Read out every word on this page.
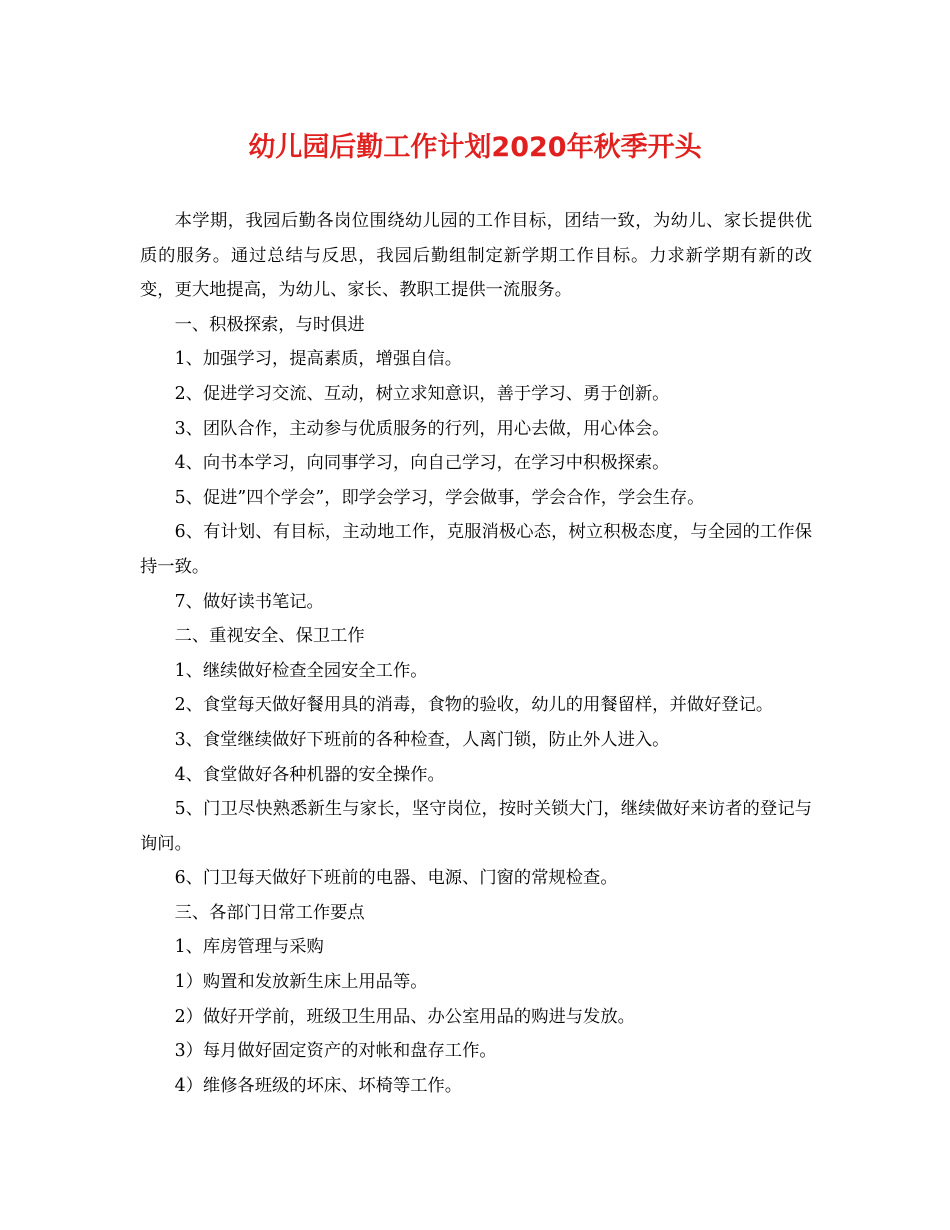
幼儿园后勤工作计划2020年秋季开头

本学期，我园后勤各岗位围绕幼儿园的工作目标，团结一致，为幼儿、家长提供优质的服务。通过总结与反思，我园后勤组制定新学期工作目标。力求新学期有新的改变，更大地提高，为幼儿、家长、教职工提供一流服务。

一、积极探索，与时俱进

1、加强学习，提高素质，增强自信。

2、促进学习交流、互动，树立求知意识，善于学习、勇于创新。

3、团队合作，主动参与优质服务的行列，用心去做，用心体会。

4、向书本学习，向同事学习，向自己学习，在学习中积极探索。

5、促进”四个学会”，即学会学习，学会做事，学会合作，学会生存。

6、有计划、有目标，主动地工作，克服消极心态，树立积极态度，与全园的工作保持一致。

7、做好读书笔记。

二、重视安全、保卫工作

1、继续做好检查全园安全工作。

2、食堂每天做好餐用具的消毒，食物的验收，幼儿的用餐留样，并做好登记。

3、食堂继续做好下班前的各种检查，人离门锁，防止外人进入。

4、食堂做好各种机器的安全操作。

5、门卫尽快熟悉新生与家长，坚守岗位，按时关锁大门，继续做好来访者的登记与询问。

6、门卫每天做好下班前的电器、电源、门窗的常规检查。

三、各部门日常工作要点

1、库房管理与采购

1）购置和发放新生床上用品等。

2）做好开学前，班级卫生用品、办公室用品的购进与发放。

3）每月做好固定资产的对帐和盘存工作。

4）维修各班级的坏床、坏椅等工作。
